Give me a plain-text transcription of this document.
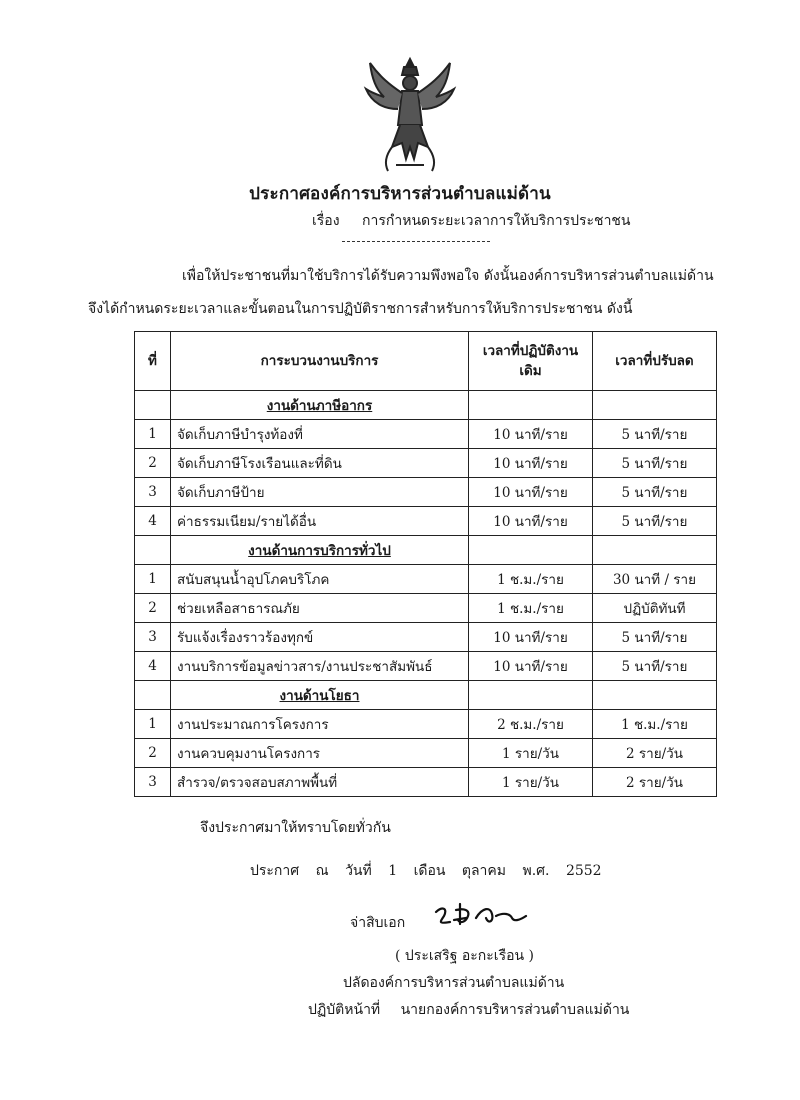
ประกาศองค์การบริหารส่วนตำบลแม่ด้าน
เรื่อง การกำหนดระยะเวลาการให้บริการประชาชน
เพื่อให้ประชาชนที่มาใช้บริการได้รับความพึงพอใจ ดังนั้นองค์การบริหารส่วนตำบลแม่ด้าน
จึงได้กำหนดระยะเวลาและขั้นตอนในการปฏิบัติราชการสำหรับการให้บริการประชาชน ดังนี้
ที่	การะบวนงานบริการ	เวลาที่ปฏิบัติงานเดิม	เวลาที่ปรับลด
	งานด้านภาษีอากร		
1	จัดเก็บภาษีบำรุงท้องที่	10 นาที/ราย	5 นาที/ราย
2	จัดเก็บภาษีโรงเรือนและที่ดิน	10 นาที/ราย	5 นาที/ราย
3	จัดเก็บภาษีป้าย	10 นาที/ราย	5 นาที/ราย
4	ค่าธรรมเนียม/รายได้อื่น	10 นาที/ราย	5 นาที/ราย
	งานด้านการบริการทั่วไป		
1	สนับสนุนน้ำอุปโภคบริโภค	1 ช.ม./ราย	30 นาที / ราย
2	ช่วยเหลือสาธารณภัย	1 ช.ม./ราย	ปฏิบัติทันที
3	รับแจ้งเรื่องราวร้องทุกข์	10 นาที/ราย	5 นาที/ราย
4	งานบริการข้อมูลข่าวสาร/งานประชาสัมพันธ์	10 นาที/ราย	5 นาที/ราย
	งานด้านโยธา		
1	งานประมาณการโครงการ	2 ช.ม./ราย	1 ช.ม./ราย
2	งานควบคุมงานโครงการ	1 ราย/วัน	2 ราย/วัน
3	สำรวจ/ตรวจสอบสภาพพื้นที่	1 ราย/วัน	2 ราย/วัน
จึงประกาศมาให้ทราบโดยทั่วกัน
ประกาศ ณ วันที่ 1 เดือน ตุลาคม พ.ศ. 2552
จ่าสิบเอก
( ประเสริฐ อะกะเรือน )
ปลัดองค์การบริหารส่วนตำบลแม่ด้าน
ปฏิบัติหน้าที่ นายกองค์การบริหารส่วนตำบลแม่ด้าน
